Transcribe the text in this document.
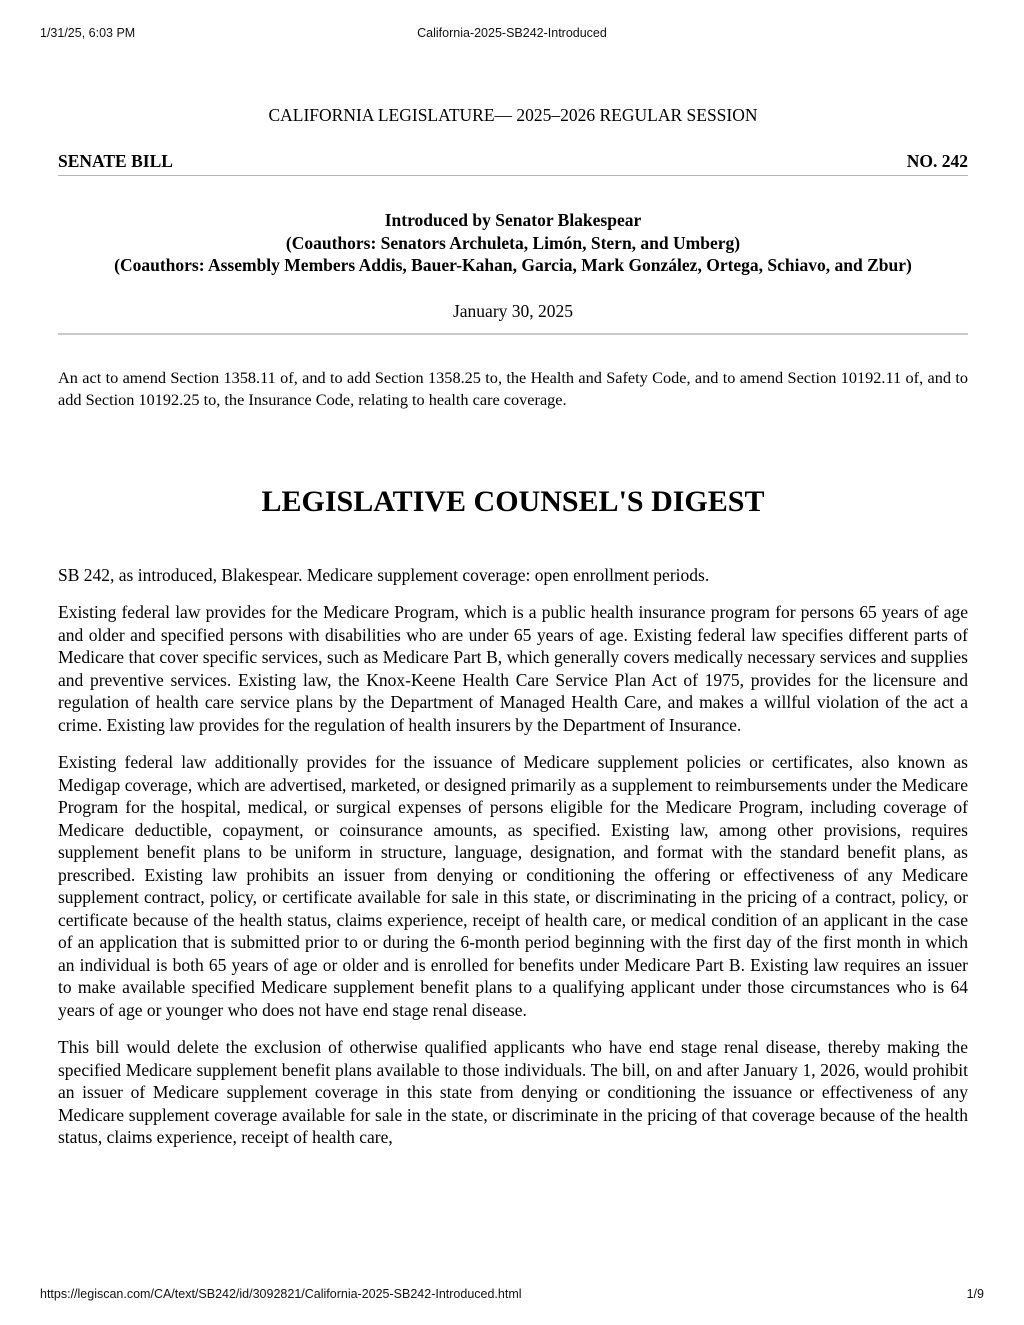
1/31/25, 6:03 PM	California-2025-SB242-Introduced

CALIFORNIA LEGISLATURE— 2025–2026 REGULAR SESSION

SENATE BILL	NO. 242
Introduced by Senator Blakespear
(Coauthors: Senators Archuleta, Limón, Stern, and Umberg)
(Coauthors: Assembly Members Addis, Bauer-Kahan, Garcia, Mark González, Ortega, Schiavo, and Zbur)
January 30, 2025

An act to amend Section 1358.11 of, and to add Section 1358.25 to, the Health and Safety Code, and to amend Section 10192.11 of, and to add Section 10192.25 to, the Insurance Code, relating to health care coverage.

LEGISLATIVE COUNSEL'S DIGEST

SB 242, as introduced, Blakespear. Medicare supplement coverage: open enrollment periods.

Existing federal law provides for the Medicare Program, which is a public health insurance program for persons 65 years of age and older and specified persons with disabilities who are under 65 years of age. Existing federal law specifies different parts of Medicare that cover specific services, such as Medicare Part B, which generally covers medically necessary services and supplies and preventive services. Existing law, the Knox-Keene Health Care Service Plan Act of 1975, provides for the licensure and regulation of health care service plans by the Department of Managed Health Care, and makes a willful violation of the act a crime. Existing law provides for the regulation of health insurers by the Department of Insurance.

Existing federal law additionally provides for the issuance of Medicare supplement policies or certificates, also known as Medigap coverage, which are advertised, marketed, or designed primarily as a supplement to reimbursements under the Medicare Program for the hospital, medical, or surgical expenses of persons eligible for the Medicare Program, including coverage of Medicare deductible, copayment, or coinsurance amounts, as specified. Existing law, among other provisions, requires supplement benefit plans to be uniform in structure, language, designation, and format with the standard benefit plans, as prescribed. Existing law prohibits an issuer from denying or conditioning the offering or effectiveness of any Medicare supplement contract, policy, or certificate available for sale in this state, or discriminating in the pricing of a contract, policy, or certificate because of the health status, claims experience, receipt of health care, or medical condition of an applicant in the case of an application that is submitted prior to or during the 6-month period beginning with the first day of the first month in which an individual is both 65 years of age or older and is enrolled for benefits under Medicare Part B. Existing law requires an issuer to make available specified Medicare supplement benefit plans to a qualifying applicant under those circumstances who is 64 years of age or younger who does not have end stage renal disease.

This bill would delete the exclusion of otherwise qualified applicants who have end stage renal disease, thereby making the specified Medicare supplement benefit plans available to those individuals. The bill, on and after January 1, 2026, would prohibit an issuer of Medicare supplement coverage in this state from denying or conditioning the issuance or effectiveness of any Medicare supplement coverage available for sale in the state, or discriminate in the pricing of that coverage because of the health status, claims experience, receipt of health care,

https://legiscan.com/CA/text/SB242/id/3092821/California-2025-SB242-Introduced.html	1/9
